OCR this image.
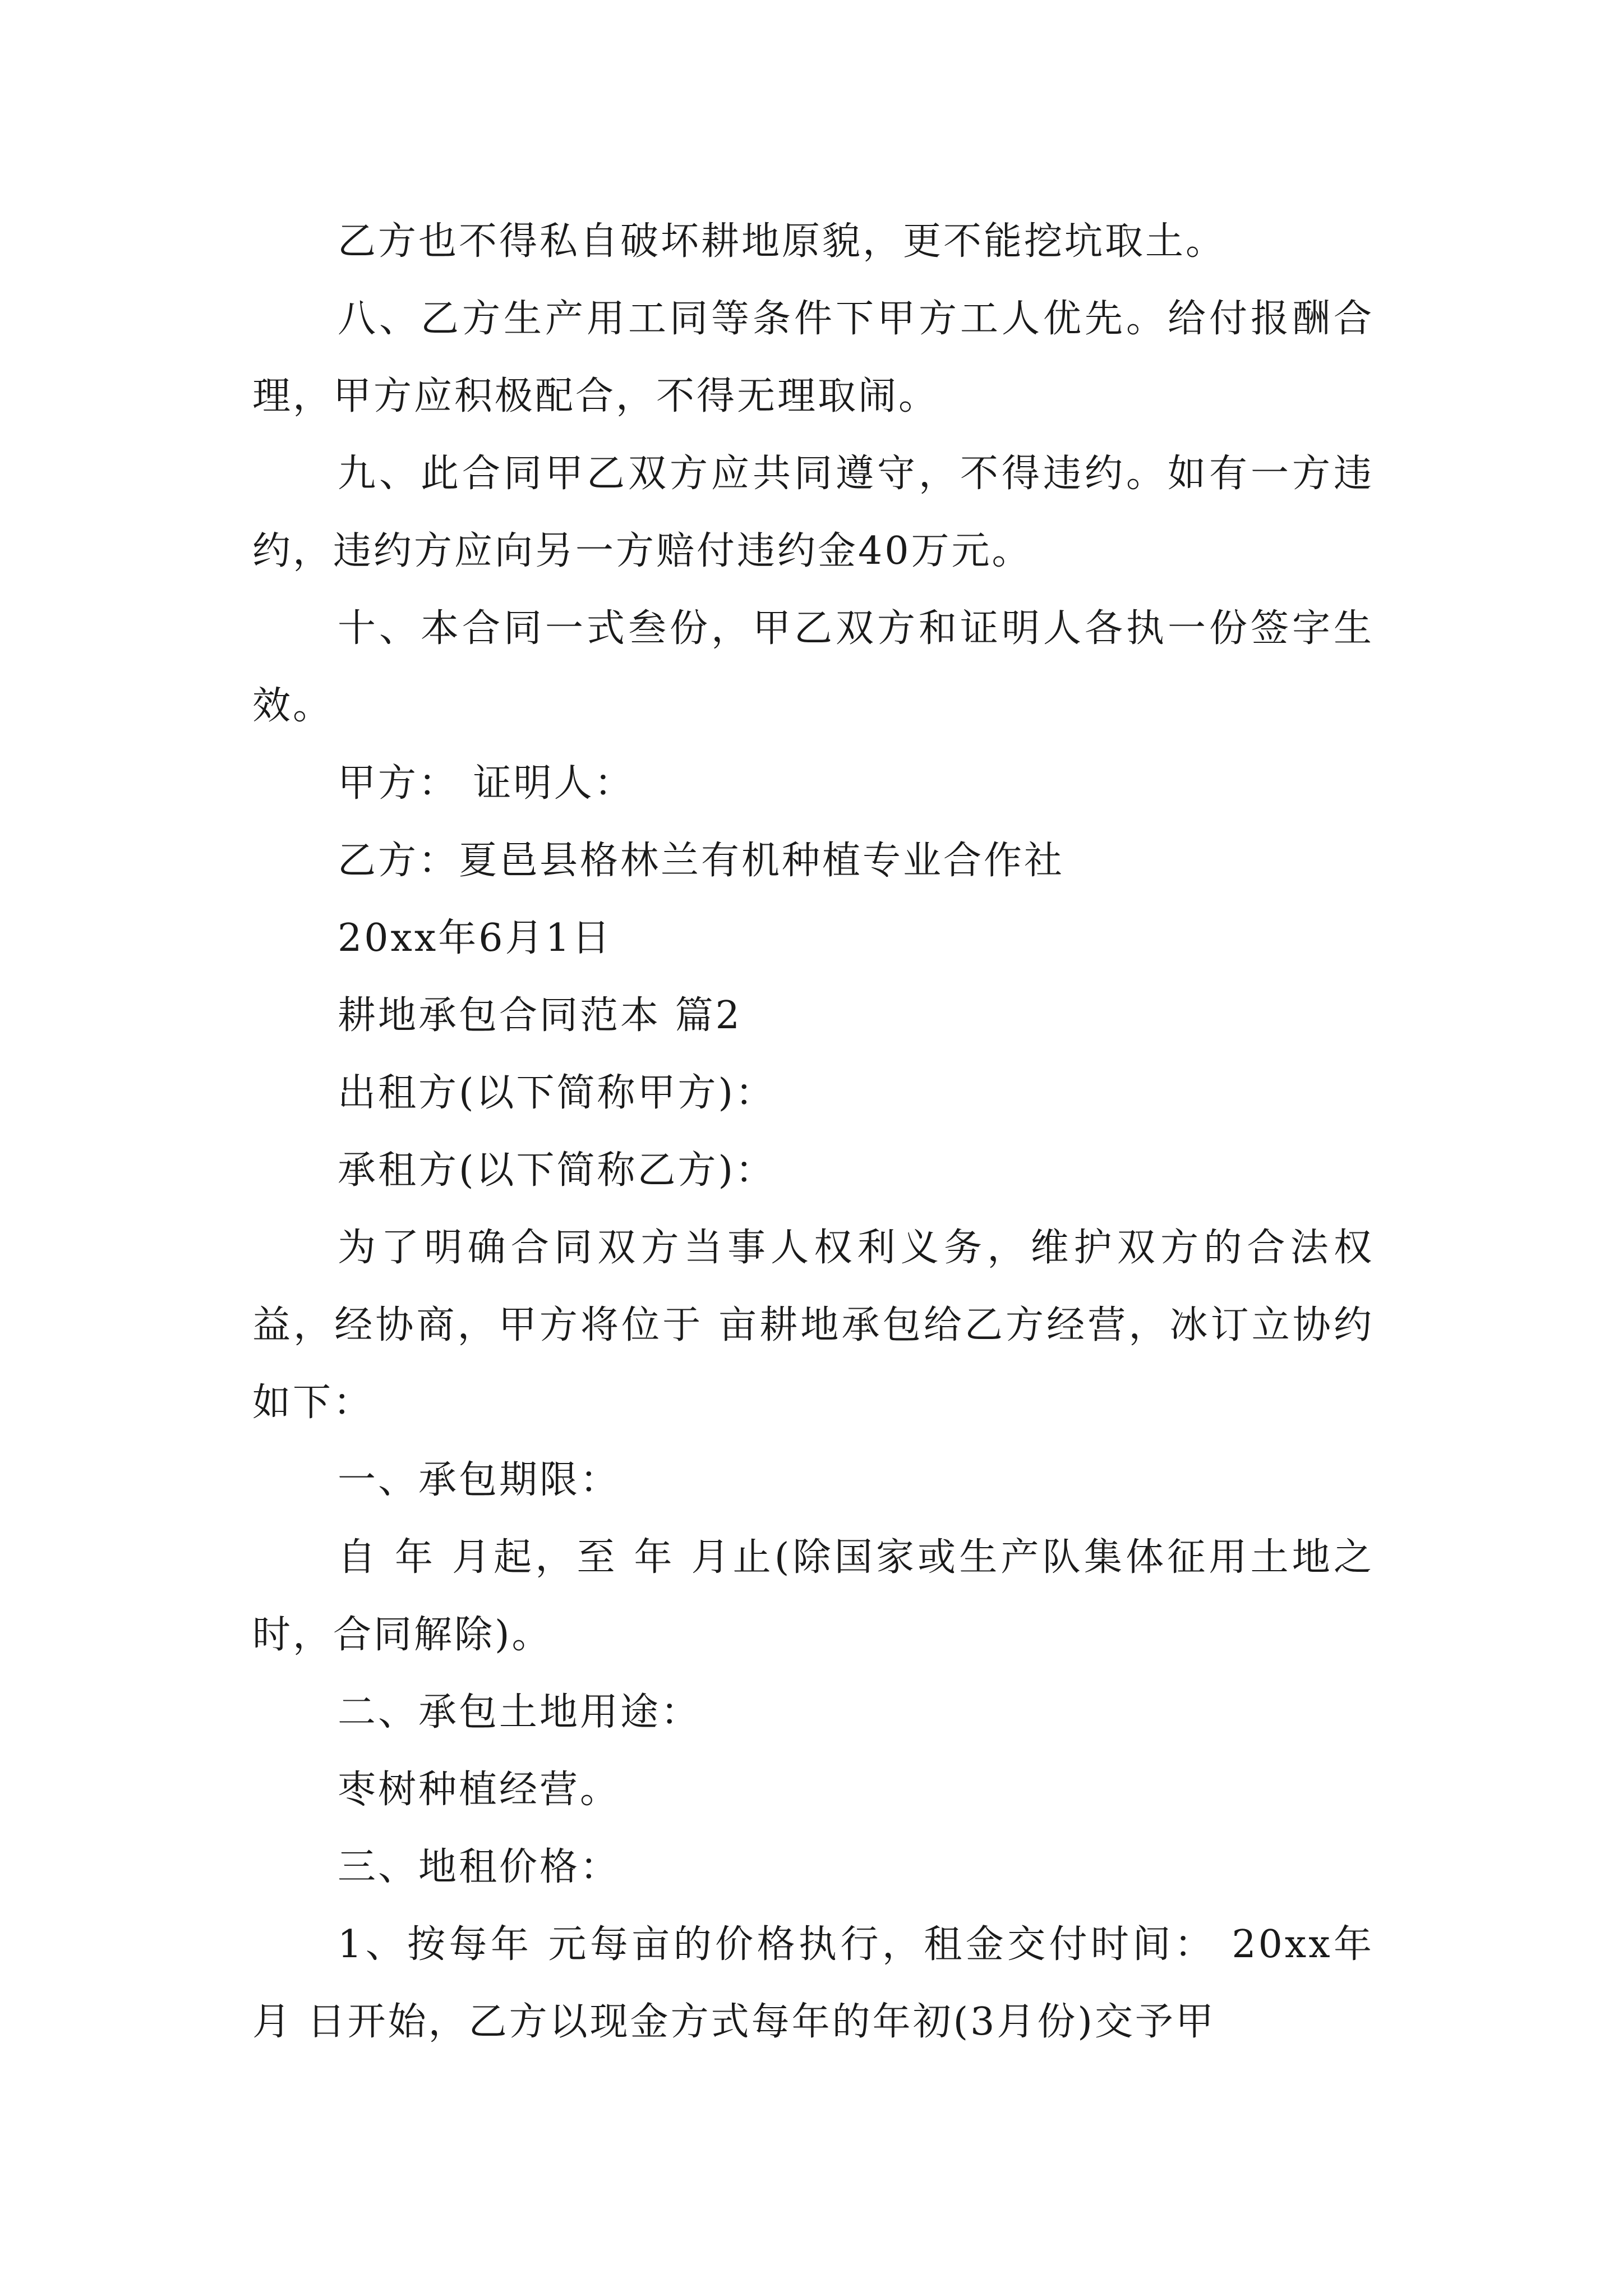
乙方也不得私自破坏耕地原貌，更不能挖坑取土。

八、乙方生产用工同等条件下甲方工人优先。给付报酬合理，甲方应积极配合，不得无理取闹。

九、此合同甲乙双方应共同遵守，不得违约。如有一方违约，违约方应向另一方赔付违约金40万元。

十、本合同一式叁份，甲乙双方和证明人各执一份签字生效。

甲方： 证明人：

乙方：夏邑县格林兰有机种植专业合作社

20xx年6月1日

耕地承包合同范本 篇2

出租方(以下简称甲方)：

承租方(以下简称乙方)：

为了明确合同双方当事人权利义务，维护双方的合法权益，经协商，甲方将位于 亩耕地承包给乙方经营，冰订立协约如下：

一、承包期限：

自 年 月起，至 年 月止(除国家或生产队集体征用土地之时，合同解除)。

二、承包土地用途：

枣树种植经营。

三、地租价格：

1、按每年 元每亩的价格执行，租金交付时间： 20xx年 月 日开始，乙方以现金方式每年的年初(3月份)交予甲
